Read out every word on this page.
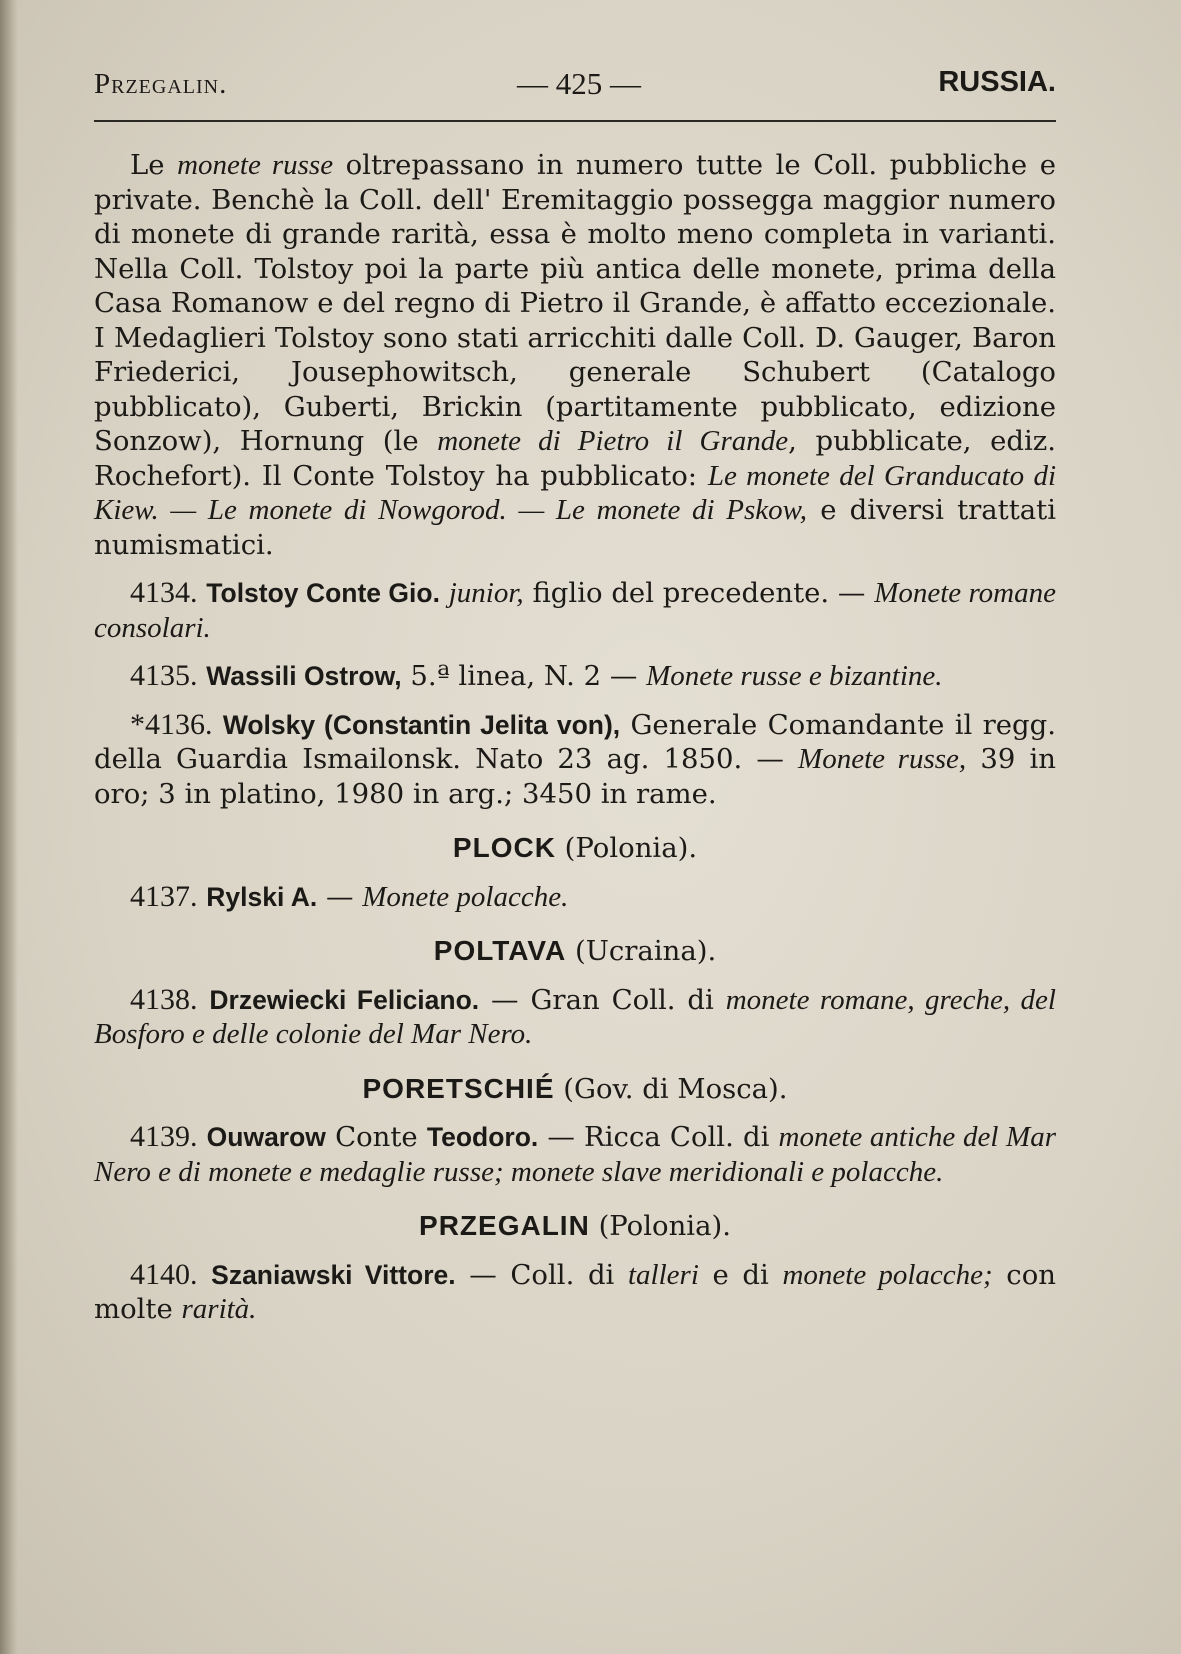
Przegalin.	— 425 —	RUSSIA.

Le monete russe oltrepassano in numero tutte le Coll. pubbliche e private. Benchè la Coll. dell' Eremitaggio possegga maggior numero di monete di grande rarità, essa è molto meno completa in varianti. Nella Coll. Tolstoy poi la parte più antica delle monete, prima della Casa Romanow e del regno di Pietro il Grande, è affatto eccezionale. I Medaglieri Tolstoy sono stati arricchiti dalle Coll. D. Gauger, Baron Friederici, Jousephowitsch, generale Schubert (Catalogo pubblicato), Guberti, Brickin (partitamente pubblicato, edizione Sonzow), Hornung (le monete di Pietro il Grande, pubblicate, ediz. Rochefort). Il Conte Tolstoy ha pubblicato: Le monete del Granducato di Kiew. — Le monete di Nowgorod. — Le monete di Pskow, e diversi trattati numismatici.

4134. Tolstoy Conte Gio. junior, figlio del precedente. — Monete romane consolari.

4135. Wassili Ostrow, 5.ª linea, N. 2 — Monete russe e bizantine.

*4136. Wolsky (Constantin Jelita von), Generale Comandante il regg. della Guardia Ismailonsk. Nato 23 ag. 1850. — Monete russe, 39 in oro; 3 in platino, 1980 in arg.; 3450 in rame.

PLOCK (Polonia).

4137. Rylski A. — Monete polacche.

POLTAVA (Ucraina).

4138. Drzewiecki Feliciano. — Gran Coll. di monete romane, greche, del Bosforo e delle colonie del Mar Nero.

PORETSCHIÉ (Gov. di Mosca).

4139. Ouwarow Conte Teodoro. — Ricca Coll. di monete antiche del Mar Nero e di monete e medaglie russe; monete slave meridionali e polacche.

PRZEGALIN (Polonia).

4140. Szaniawski Vittore. — Coll. di talleri e di monete polacche; con molte rarità.
